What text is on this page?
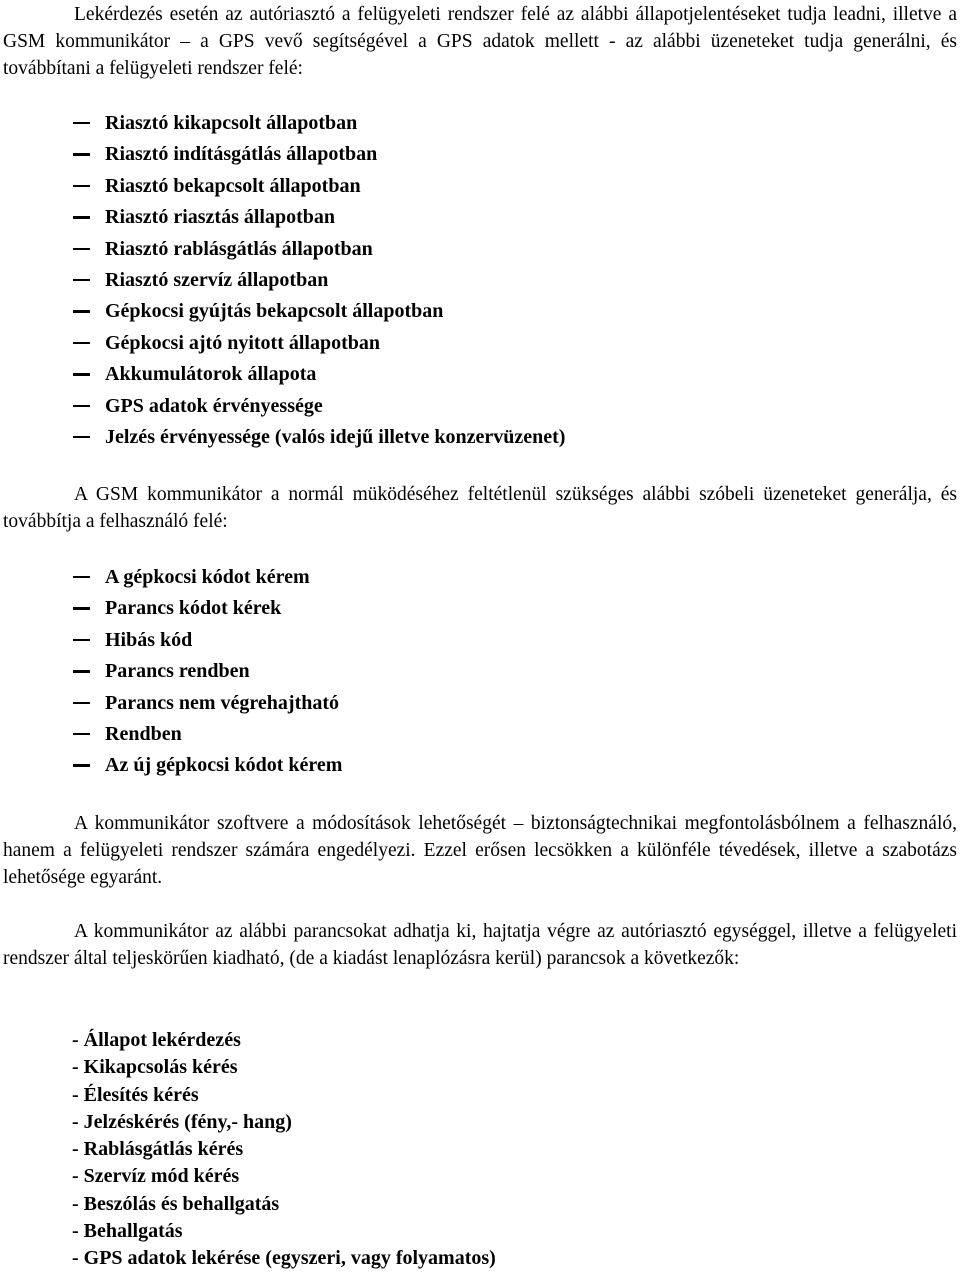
Lekérdezés esetén az autóriasztó a felügyeleti rendszer felé az alábbi állapotjelentéseket tudja leadni, illetve a GSM kommunikátor – a GPS vevő segítségével a GPS adatok mellett - az alábbi üzeneteket tudja generálni, és továbbítani a felügyeleti rendszer felé:

Riasztó kikapcsolt állapotban
Riasztó indításgátlás állapotban
Riasztó bekapcsolt állapotban
Riasztó riasztás állapotban
Riasztó rablásgátlás állapotban
Riasztó szervíz állapotban
Gépkocsi gyújtás bekapcsolt állapotban
Gépkocsi ajtó nyitott állapotban
Akkumulátorok állapota
GPS adatok érvényessége
Jelzés érvényessége (valós idejű illetve konzervüzenet)

A GSM kommunikátor a normál müködéséhez feltétlenül szükséges alábbi szóbeli üzeneteket generálja, és továbbítja a felhasználó felé:

A gépkocsi kódot kérem
Parancs kódot kérek
Hibás kód
Parancs rendben
Parancs nem végrehajtható
Rendben
Az új gépkocsi kódot kérem

A kommunikátor szoftvere a módosítások lehetőségét – biztonságtechnikai megfontolásbólnem a felhasználó, hanem a felügyeleti rendszer számára engedélyezi. Ezzel erősen lecsökken a különféle tévedések, illetve a szabotázs lehetősége egyaránt.

A kommunikátor az alábbi parancsokat adhatja ki, hajtatja végre az autóriasztó egységgel, illetve a felügyeleti rendszer által teljeskörűen kiadható, (de a kiadást lenaplózásra kerül) parancsok a következők:

- Állapot lekérdezés
- Kikapcsolás kérés
- Élesítés kérés
- Jelzéskérés (fény,- hang)
- Rablásgátlás kérés
- Szervíz mód kérés
- Beszólás és behallgatás
- Behallgatás
- GPS adatok lekérése (egyszeri, vagy folyamatos)
